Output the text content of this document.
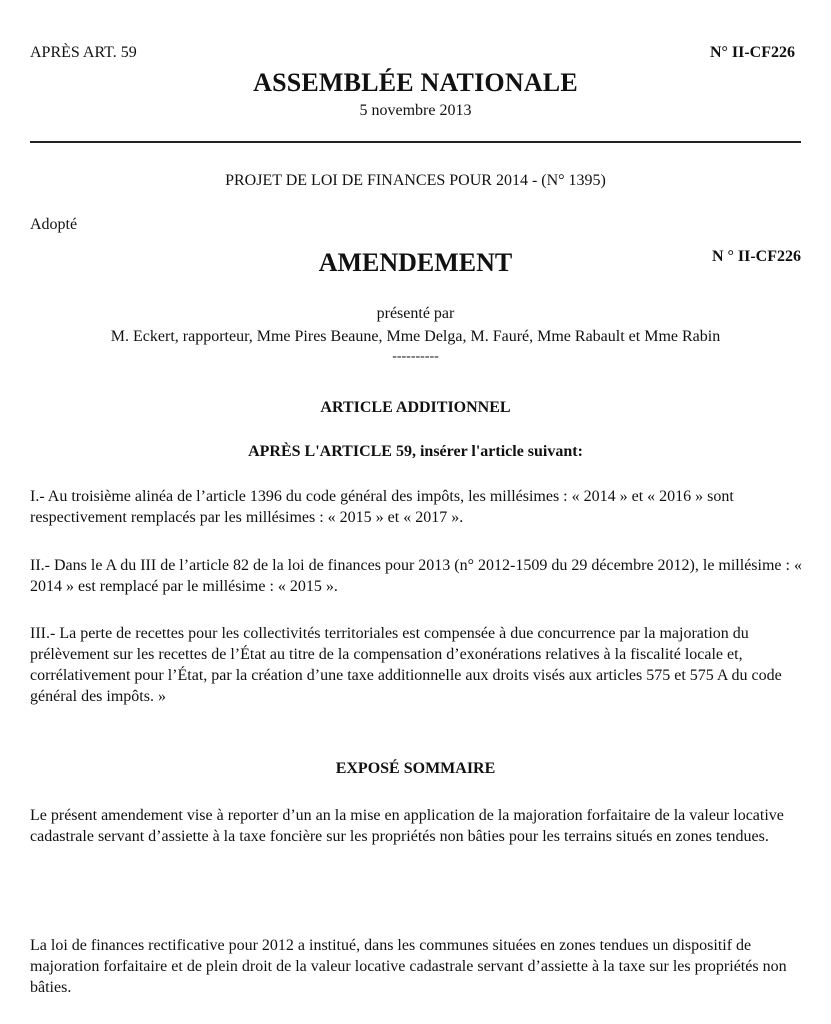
APRÈS ART. 59	N° II-CF226
ASSEMBLÉE NATIONALE
5 novembre 2013
PROJET DE LOI DE FINANCES POUR 2014 - (N° 1395)
Adopté
AMENDEMENT	N ° II-CF226
présenté par
M. Eckert, rapporteur, Mme Pires Beaune, Mme Delga, M. Fauré, Mme Rabault et Mme Rabin
----------
ARTICLE ADDITIONNEL
APRÈS L'ARTICLE 59, insérer l'article suivant:

I.- Au troisième alinéa de l’article 1396 du code général des impôts, les millésimes : « 2014 » et « 2016 » sont respectivement remplacés par les millésimes : « 2015 » et « 2017 ».

II.- Dans le A du III de l’article 82 de la loi de finances pour 2013 (n° 2012-1509 du 29 décembre 2012), le millésime : « 2014 » est remplacé par le millésime : « 2015 ».

III.- La perte de recettes pour les collectivités territoriales est compensée à due concurrence par la majoration du prélèvement sur les recettes de l’État au titre de la compensation d’exonérations relatives à la fiscalité locale et, corrélativement pour l’État, par la création d’une taxe additionnelle aux droits visés aux articles 575 et 575 A du code général des impôts. »

EXPOSÉ SOMMAIRE

Le présent amendement vise à reporter d’un an la mise en application de la majoration forfaitaire de la valeur locative cadastrale servant d’assiette à la taxe foncière sur les propriétés non bâties pour les terrains situés en zones tendues.

La loi de finances rectificative pour 2012 a institué, dans les communes situées en zones tendues un dispositif de majoration forfaitaire et de plein droit de la valeur locative cadastrale servant d’assiette à la taxe sur les propriétés non bâties.
